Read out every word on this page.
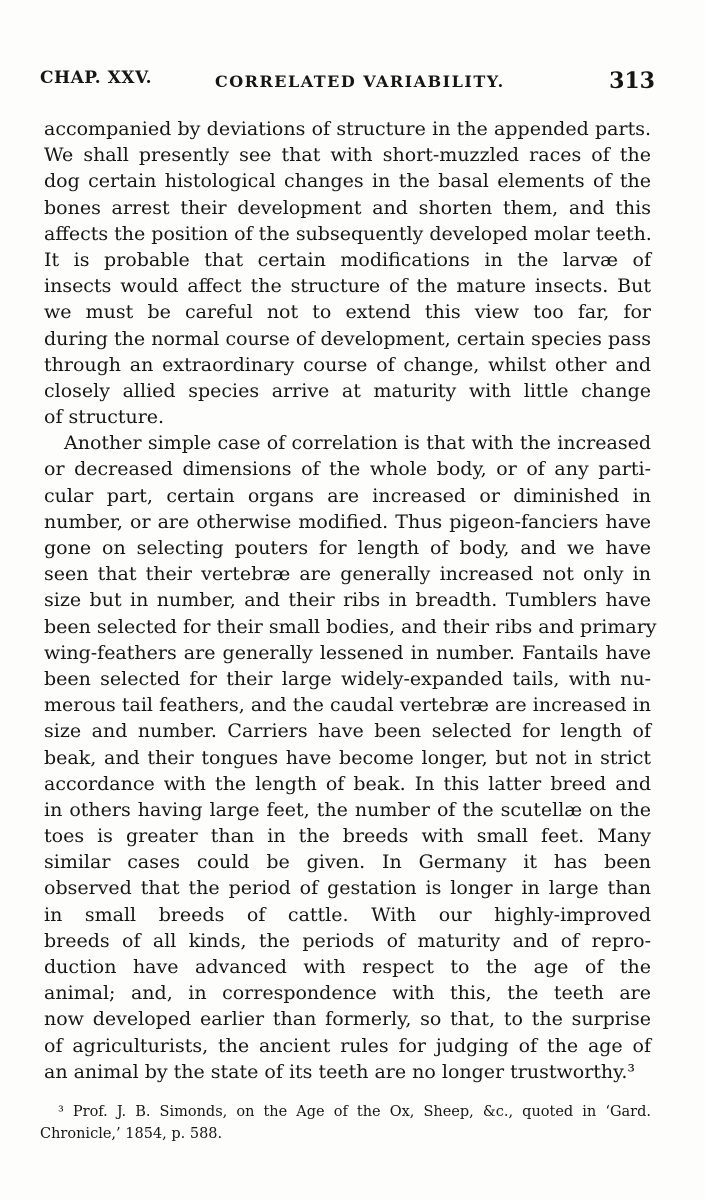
CHAP. XXV.	CORRELATED VARIABILITY.	313
accompanied by deviations of structure in the appended parts.
We shall presently see that with short-muzzled races of the
dog certain histological changes in the basal elements of the
bones arrest their development and shorten them, and this
affects the position of the subsequently developed molar teeth.
It is probable that certain modifications in the larvæ of
insects would affect the structure of the mature insects. But
we must be careful not to extend this view too far, for
during the normal course of development, certain species pass
through an extraordinary course of change, whilst other and
closely allied species arrive at maturity with little change
of structure.
Another simple case of correlation is that with the increased
or decreased dimensions of the whole body, or of any parti-
cular part, certain organs are increased or diminished in
number, or are otherwise modified. Thus pigeon-fanciers have
gone on selecting pouters for length of body, and we have
seen that their vertebræ are generally increased not only in
size but in number, and their ribs in breadth. Tumblers have
been selected for their small bodies, and their ribs and primary
wing-feathers are generally lessened in number. Fantails have
been selected for their large widely-expanded tails, with nu-
merous tail feathers, and the caudal vertebræ are increased in
size and number. Carriers have been selected for length of
beak, and their tongues have become longer, but not in strict
accordance with the length of beak. In this latter breed and
in others having large feet, the number of the scutellæ on the
toes is greater than in the breeds with small feet. Many
similar cases could be given. In Germany it has been
observed that the period of gestation is longer in large than
in small breeds of cattle. With our highly-improved
breeds of all kinds, the periods of maturity and of repro-
duction have advanced with respect to the age of the
animal; and, in correspondence with this, the teeth are
now developed earlier than formerly, so that, to the surprise
of agriculturists, the ancient rules for judging of the age of
an animal by the state of its teeth are no longer trustworthy.³
³ Prof. J. B. Simonds, on the Age of the Ox, Sheep, &c., quoted in ‘Gard.
Chronicle,’ 1854, p. 588.
